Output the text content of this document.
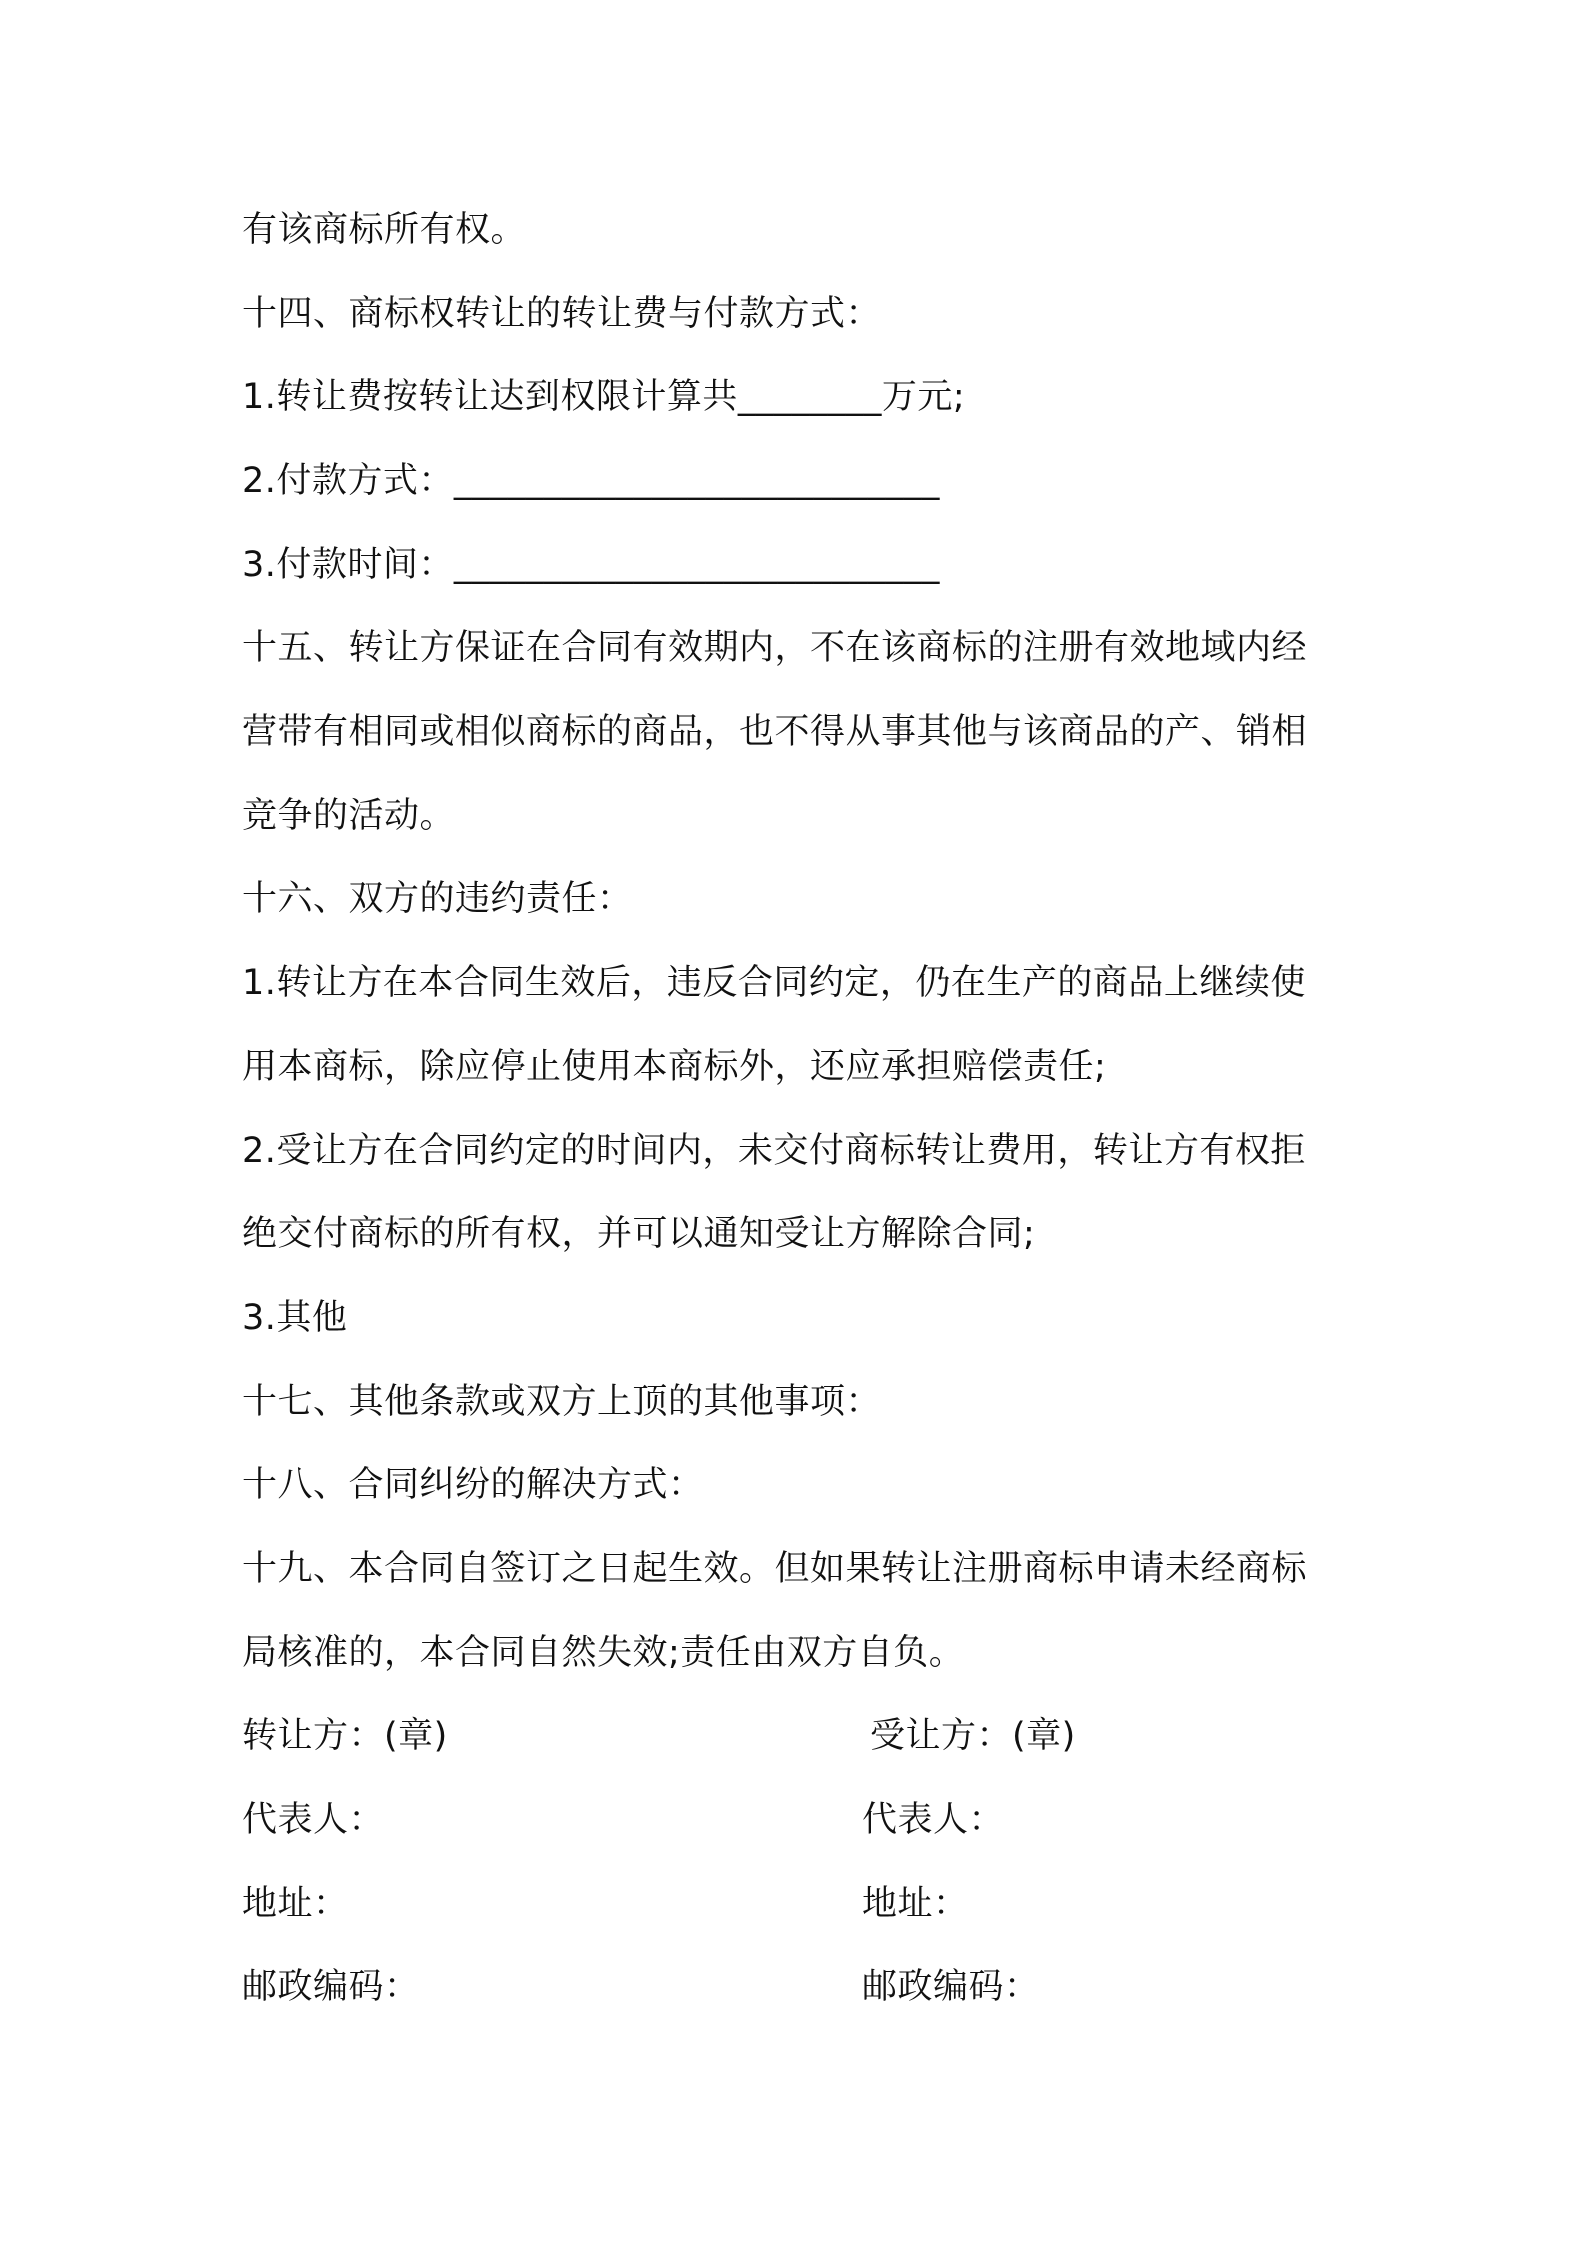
有该商标所有权。
十四、商标权转让的转让费与付款方式：
1.转让费按转让达到权限计算共________万元;
2.付款方式：___________________________
3.付款时间：___________________________
十五、转让方保证在合同有效期内，不在该商标的注册有效地域内经
营带有相同或相似商标的商品，也不得从事其他与该商品的产、销相
竞争的活动。
十六、双方的违约责任：
1.转让方在本合同生效后，违反合同约定，仍在生产的商品上继续使
用本商标，除应停止使用本商标外，还应承担赔偿责任;
2.受让方在合同约定的时间内，未交付商标转让费用，转让方有权拒
绝交付商标的所有权，并可以通知受让方解除合同;
3.其他
十七、其他条款或双方上顶的其他事项：
十八、合同纠纷的解决方式：
十九、本合同自签订之日起生效。但如果转让注册商标申请未经商标
局核准的，本合同自然失效;责任由双方自负。
转让方：(章)
代表人：
地址：
邮政编码：
受让方：(章)
代表人：
地址：
邮政编码：
